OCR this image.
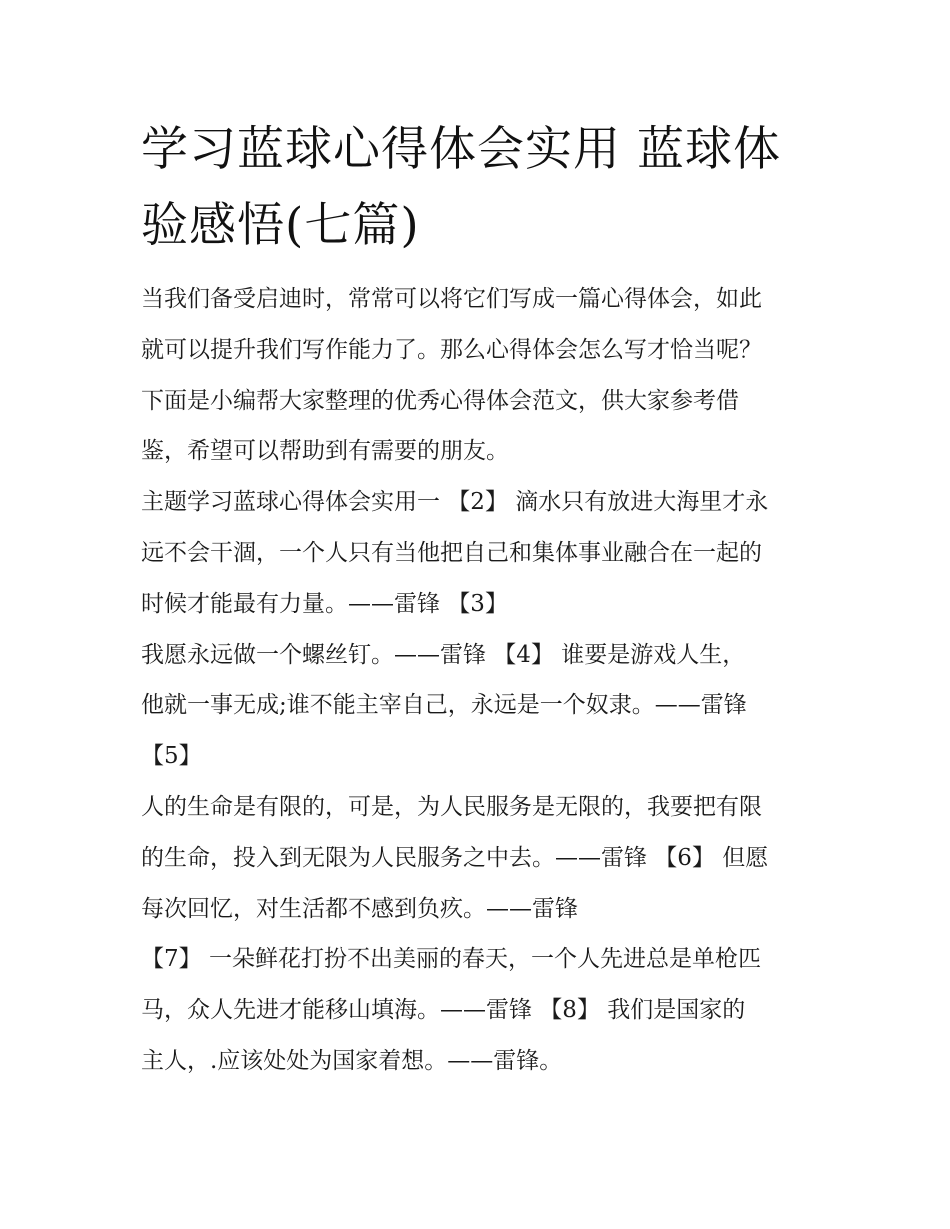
学习蓝球心得体会实用 蓝球体
验感悟(七篇)

当我们备受启迪时，常常可以将它们写成一篇心得体会，如此

就可以提升我们写作能力了。那么心得体会怎么写才恰当呢？

下面是小编帮大家整理的优秀心得体会范文，供大家参考借

鉴，希望可以帮助到有需要的朋友。

主题学习蓝球心得体会实用一 【2】 滴水只有放进大海里才永

远不会干涸，一个人只有当他把自己和集体事业融合在一起的

时候才能最有力量。——雷锋 【3】

我愿永远做一个螺丝钉。——雷锋 【4】 谁要是游戏人生，

他就一事无成;谁不能主宰自己，永远是一个奴隶。——雷锋

【5】

人的生命是有限的，可是，为人民服务是无限的，我要把有限

的生命，投入到无限为人民服务之中去。——雷锋 【6】 但愿

每次回忆，对生活都不感到负疚。——雷锋

【7】 一朵鲜花打扮不出美丽的春天，一个人先进总是单枪匹

马，众人先进才能移山填海。——雷锋 【8】 我们是国家的

主人，.应该处处为国家着想。——雷锋。
